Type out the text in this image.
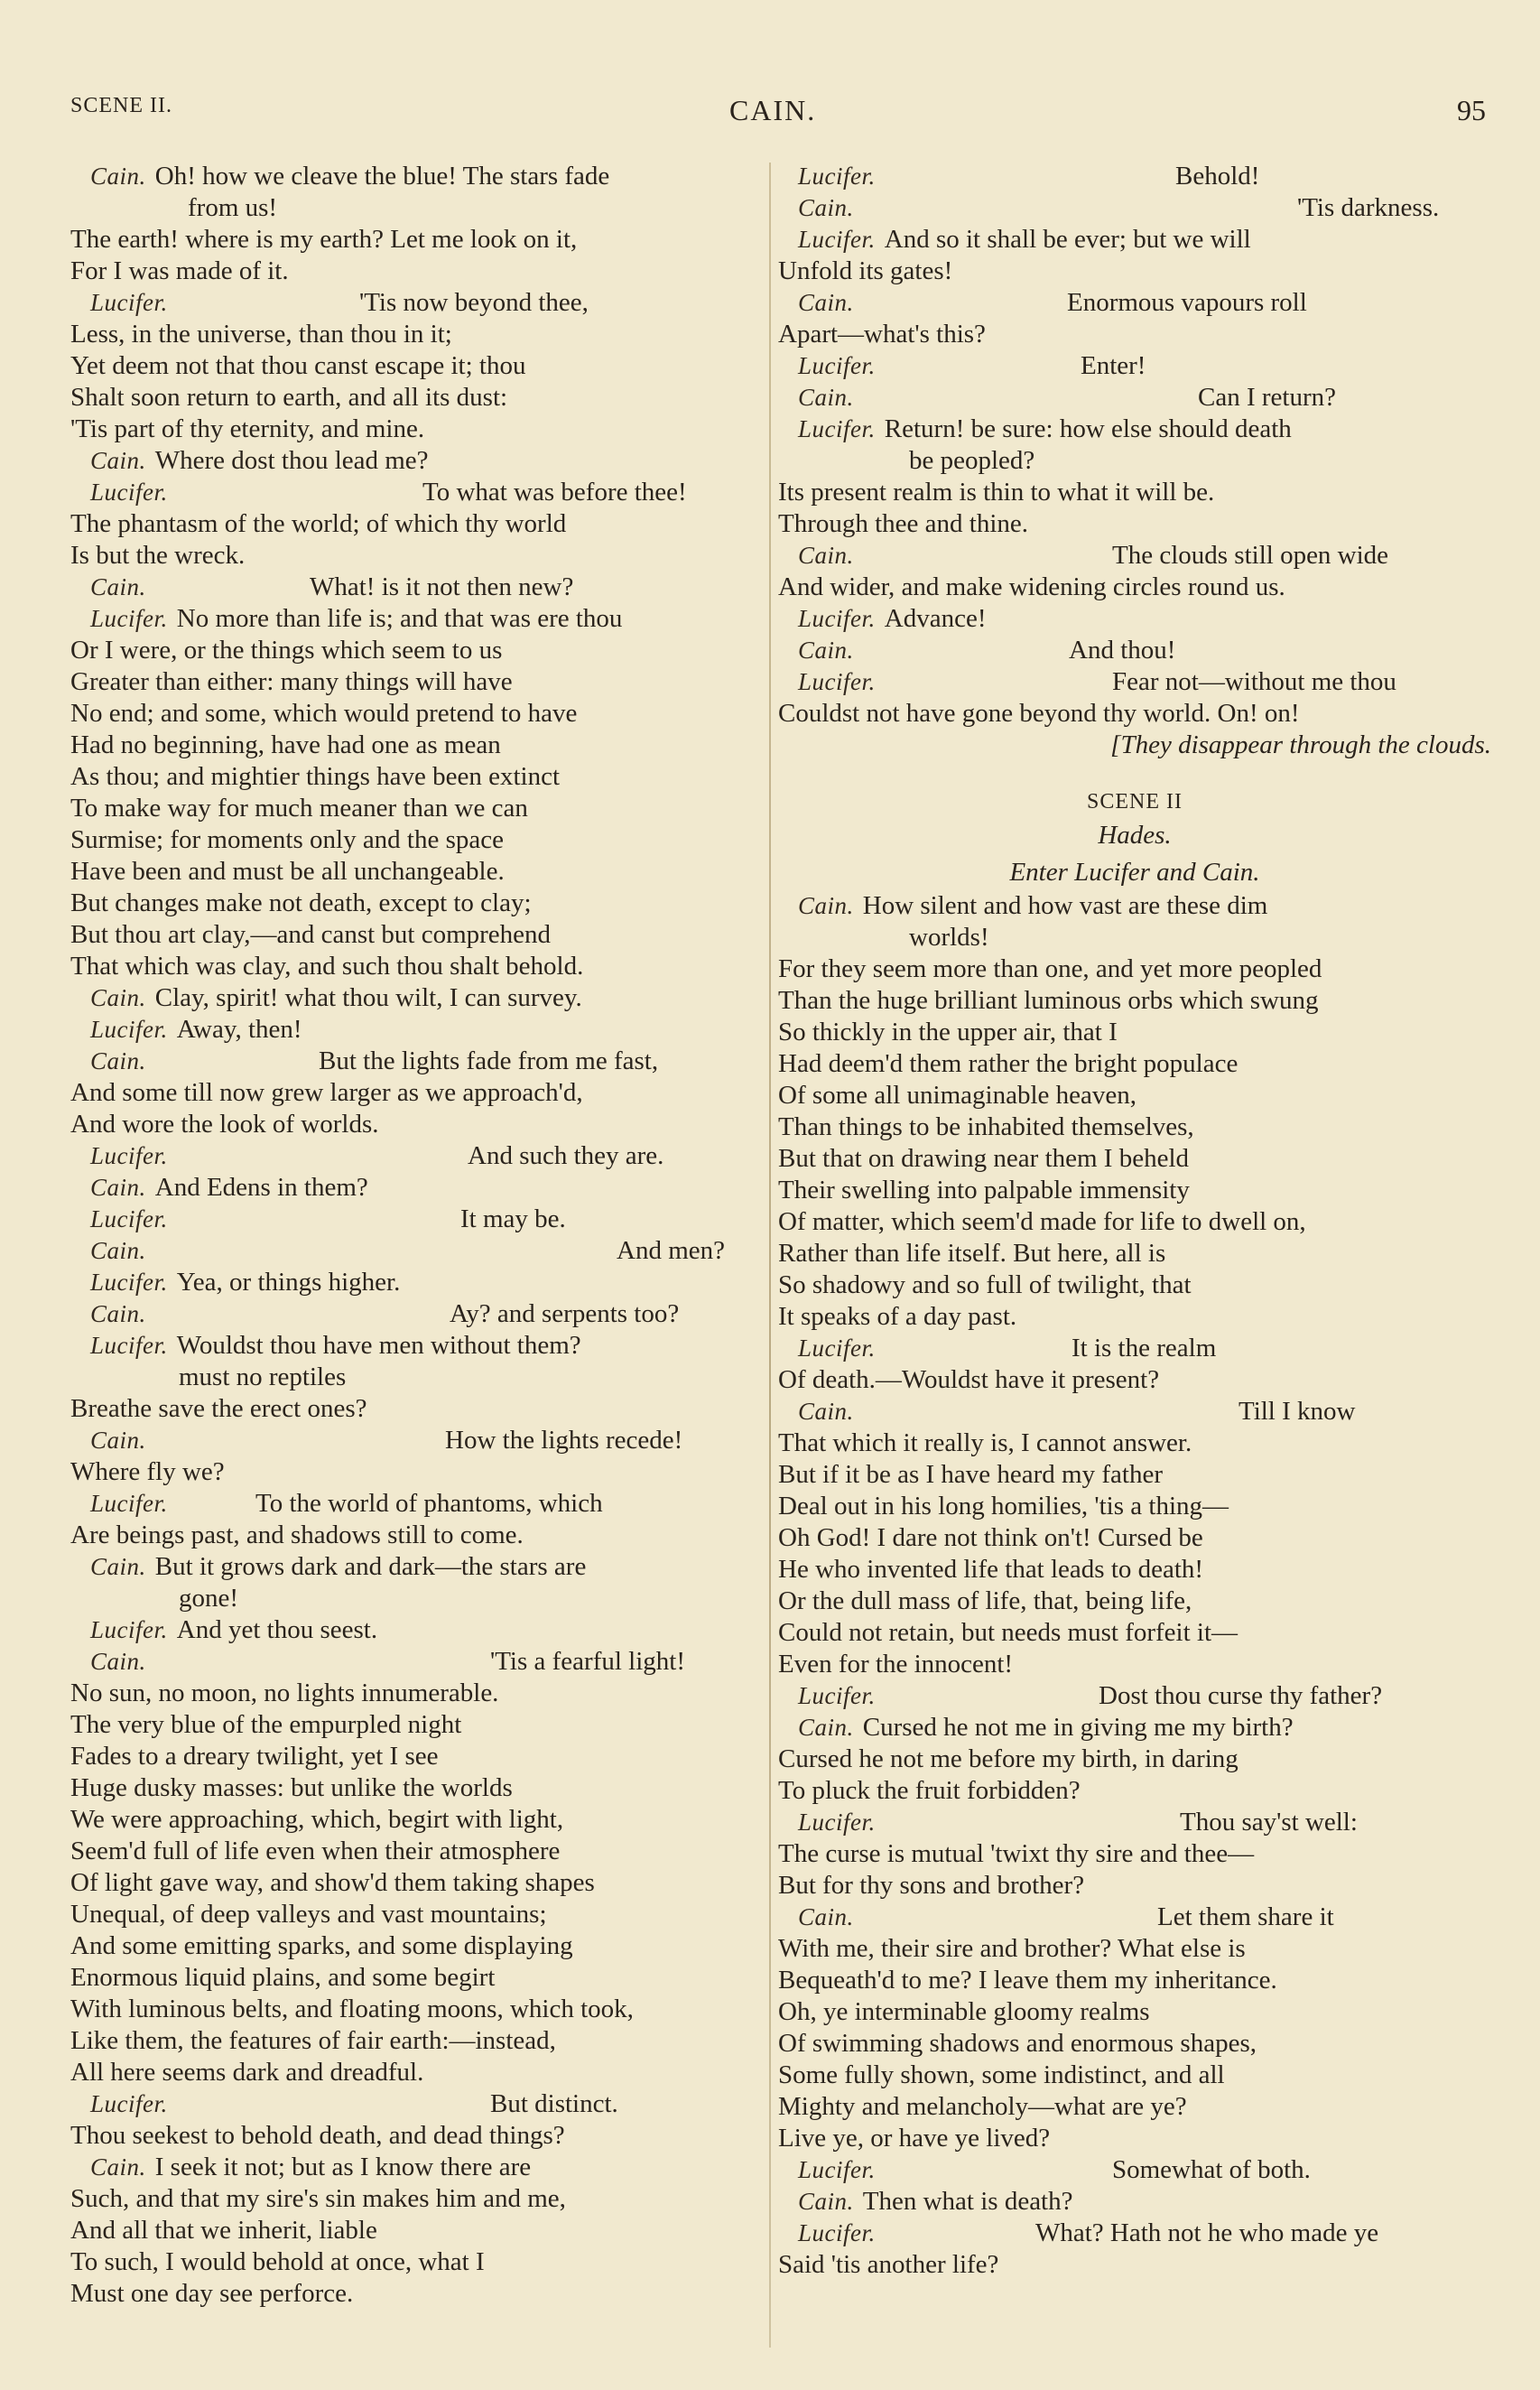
SCENE II.	CAIN.	95
Cain. Oh! how we cleave the blue! The stars fade
from us!
The earth! where is my earth? Let me look on it,
For I was made of it.
Lucifer.	'Tis now beyond thee,
Less, in the universe, than thou in it;
Yet deem not that thou canst escape it; thou
Shalt soon return to earth, and all its dust:
'Tis part of thy eternity, and mine.
Cain. Where dost thou lead me?
Lucifer.	To what was before thee!
The phantasm of the world; of which thy world
Is but the wreck.
Cain.	What! is it not then new?
Lucifer. No more than life is; and that was ere thou
Or I were, or the things which seem to us
Greater than either: many things will have
No end; and some, which would pretend to have
Had no beginning, have had one as mean
As thou; and mightier things have been extinct
To make way for much meaner than we can
Surmise; for moments only and the space
Have been and must be all unchangeable.
But changes make not death, except to clay;
But thou art clay,—and canst but comprehend
That which was clay, and such thou shalt behold.
Cain. Clay, spirit! what thou wilt, I can survey.
Lucifer. Away, then!
Cain.	But the lights fade from me fast,
And some till now grew larger as we approach'd,
And wore the look of worlds.
Lucifer.	And such they are.
Cain. And Edens in them?
Lucifer.	It may be.
Cain.	And men?
Lucifer. Yea, or things higher.
Cain.	Ay? and serpents too?
Lucifer. Wouldst thou have men without them?
must no reptiles
Breathe save the erect ones?
Cain.	How the lights recede!
Where fly we?
Lucifer.	To the world of phantoms, which
Are beings past, and shadows still to come.
Cain. But it grows dark and dark—the stars are
gone!
Lucifer. And yet thou seest.
Cain.	'Tis a fearful light!
No sun, no moon, no lights innumerable.
The very blue of the empurpled night
Fades to a dreary twilight, yet I see
Huge dusky masses: but unlike the worlds
We were approaching, which, begirt with light,
Seem'd full of life even when their atmosphere
Of light gave way, and show'd them taking shapes
Unequal, of deep valleys and vast mountains;
And some emitting sparks, and some displaying
Enormous liquid plains, and some begirt
With luminous belts, and floating moons, which took,
Like them, the features of fair earth:—instead,
All here seems dark and dreadful.
Lucifer.	But distinct.
Thou seekest to behold death, and dead things?
Cain. I seek it not; but as I know there are
Such, and that my sire's sin makes him and me,
And all that we inherit, liable
To such, I would behold at once, what I
Must one day see perforce.
Lucifer.	Behold!
Cain.	'Tis darkness.
Lucifer. And so it shall be ever; but we will
Unfold its gates!
Cain.	Enormous vapours roll
Apart—what's this?
Lucifer.	Enter!
Cain.	Can I return?
Lucifer. Return! be sure: how else should death
be peopled?
Its present realm is thin to what it will be.
Through thee and thine.
Cain.	The clouds still open wide
And wider, and make widening circles round us.
Lucifer. Advance!
Cain.	And thou!
Lucifer.	Fear not—without me thou
Couldst not have gone beyond thy world. On! on!
[They disappear through the clouds.
SCENE II
Hades.
Enter Lucifer and Cain.
Cain. How silent and how vast are these dim
worlds!
For they seem more than one, and yet more peopled
Than the huge brilliant luminous orbs which swung
So thickly in the upper air, that I
Had deem'd them rather the bright populace
Of some all unimaginable heaven,
Than things to be inhabited themselves,
But that on drawing near them I beheld
Their swelling into palpable immensity
Of matter, which seem'd made for life to dwell on,
Rather than life itself. But here, all is
So shadowy and so full of twilight, that
It speaks of a day past.
Lucifer.	It is the realm
Of death.—Wouldst have it present?
Cain.	Till I know
That which it really is, I cannot answer.
But if it be as I have heard my father
Deal out in his long homilies, 'tis a thing—
Oh God! I dare not think on't! Cursed be
He who invented life that leads to death!
Or the dull mass of life, that, being life,
Could not retain, but needs must forfeit it—
Even for the innocent!
Lucifer.	Dost thou curse thy father?
Cain. Cursed he not me in giving me my birth?
Cursed he not me before my birth, in daring
To pluck the fruit forbidden?
Lucifer.	Thou say'st well:
The curse is mutual 'twixt thy sire and thee—
But for thy sons and brother?
Cain.	Let them share it
With me, their sire and brother? What else is
Bequeath'd to me? I leave them my inheritance.
Oh, ye interminable gloomy realms
Of swimming shadows and enormous shapes,
Some fully shown, some indistinct, and all
Mighty and melancholy—what are ye?
Live ye, or have ye lived?
Lucifer.	Somewhat of both.
Cain. Then what is death?
Lucifer.	What? Hath not he who made ye
Said 'tis another life?
